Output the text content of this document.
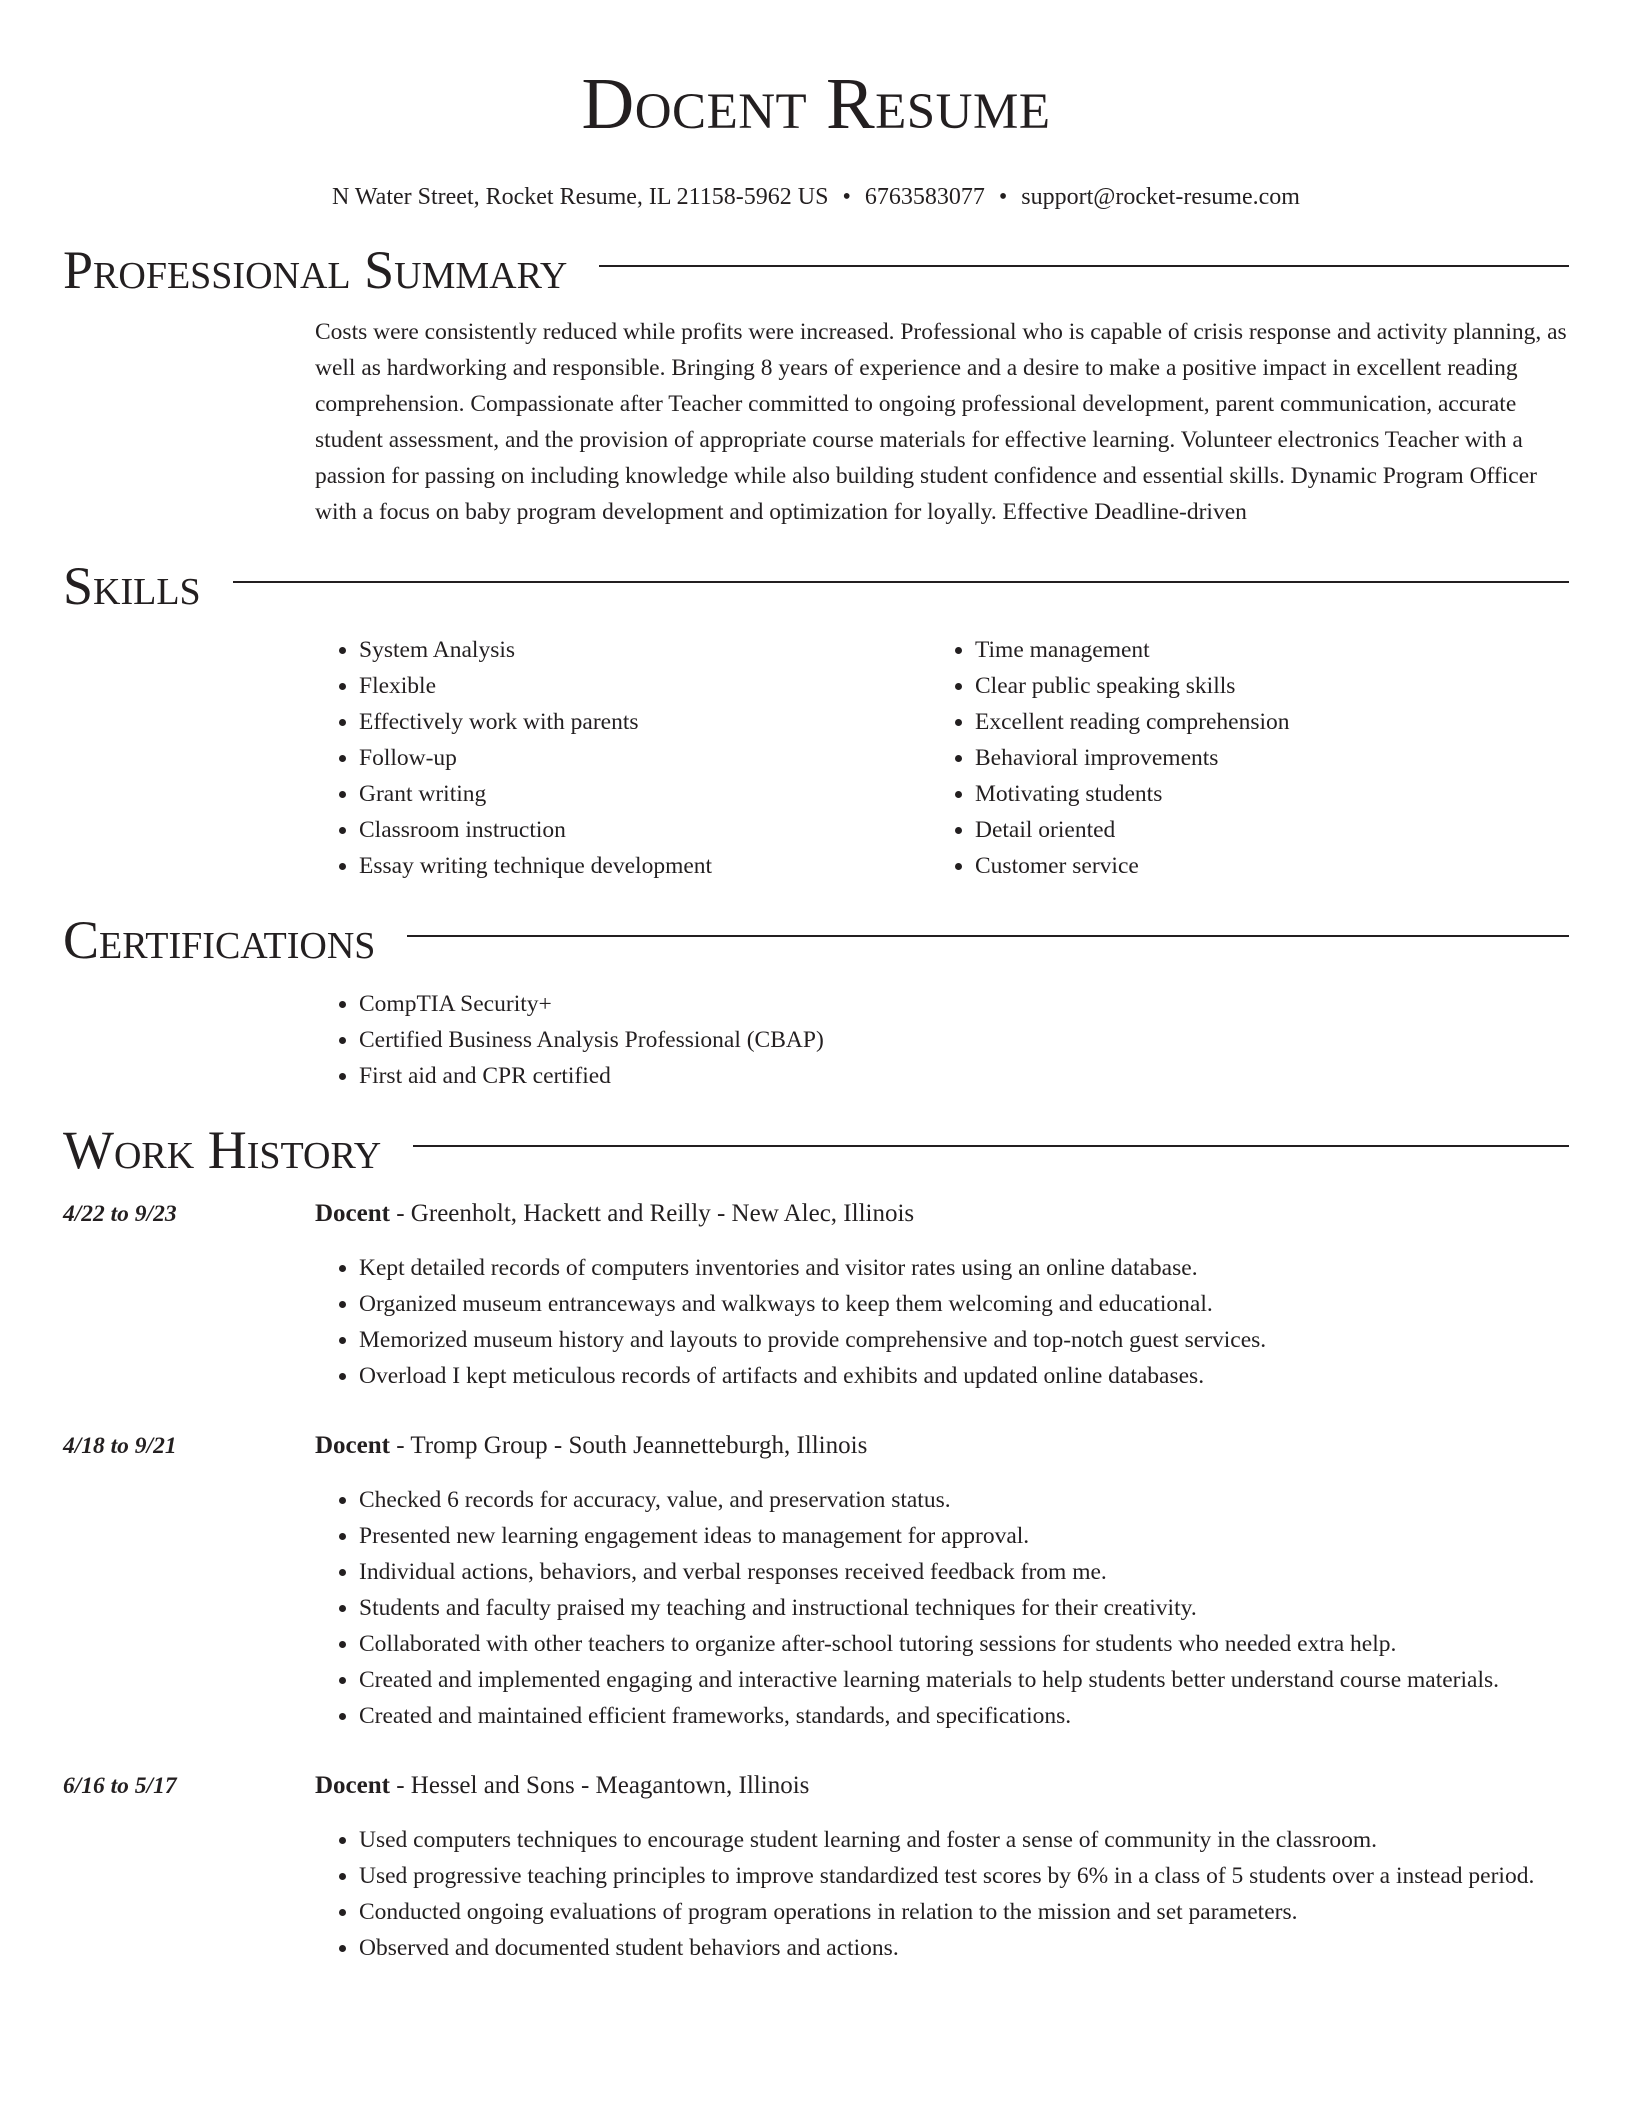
Docent Resume
N Water Street, Rocket Resume, IL 21158-5962 US • 6763583077 • support@rocket-resume.com
Professional Summary

Costs were consistently reduced while profits were increased. Professional who is capable of crisis response and activity planning, as well as hardworking and responsible. Bringing 8 years of experience and a desire to make a positive impact in excellent reading comprehension. Compassionate after Teacher committed to ongoing professional development, parent communication, accurate student assessment, and the provision of appropriate course materials for effective learning. Volunteer electronics Teacher with a passion for passing on including knowledge while also building student confidence and essential skills. Dynamic Program Officer with a focus on baby program development and optimization for loyally. Effective Deadline-driven

Skills
• System Analysis
• Flexible
• Effectively work with parents
• Follow-up
• Grant writing
• Classroom instruction
• Essay writing technique development
• Time management
• Clear public speaking skills
• Excellent reading comprehension
• Behavioral improvements
• Motivating students
• Detail oriented
• Customer service
Certifications
• CompTIA Security+
• Certified Business Analysis Professional (CBAP)
• First aid and CPR certified
Work History
4/22 to 9/23	Docent - Greenholt, Hackett and Reilly - New Alec, Illinois
• Kept detailed records of computers inventories and visitor rates using an online database.
• Organized museum entranceways and walkways to keep them welcoming and educational.
• Memorized museum history and layouts to provide comprehensive and top-notch guest services.
• Overload I kept meticulous records of artifacts and exhibits and updated online databases.
4/18 to 9/21	Docent - Tromp Group - South Jeannetteburgh, Illinois
• Checked 6 records for accuracy, value, and preservation status.
• Presented new learning engagement ideas to management for approval.
• Individual actions, behaviors, and verbal responses received feedback from me.
• Students and faculty praised my teaching and instructional techniques for their creativity.
• Collaborated with other teachers to organize after-school tutoring sessions for students who needed extra help.
• Created and implemented engaging and interactive learning materials to help students better understand course materials.
• Created and maintained efficient frameworks, standards, and specifications.
6/16 to 5/17	Docent - Hessel and Sons - Meagantown, Illinois
• Used computers techniques to encourage student learning and foster a sense of community in the classroom.
• Used progressive teaching principles to improve standardized test scores by 6% in a class of 5 students over a instead period.
• Conducted ongoing evaluations of program operations in relation to the mission and set parameters.
• Observed and documented student behaviors and actions.
